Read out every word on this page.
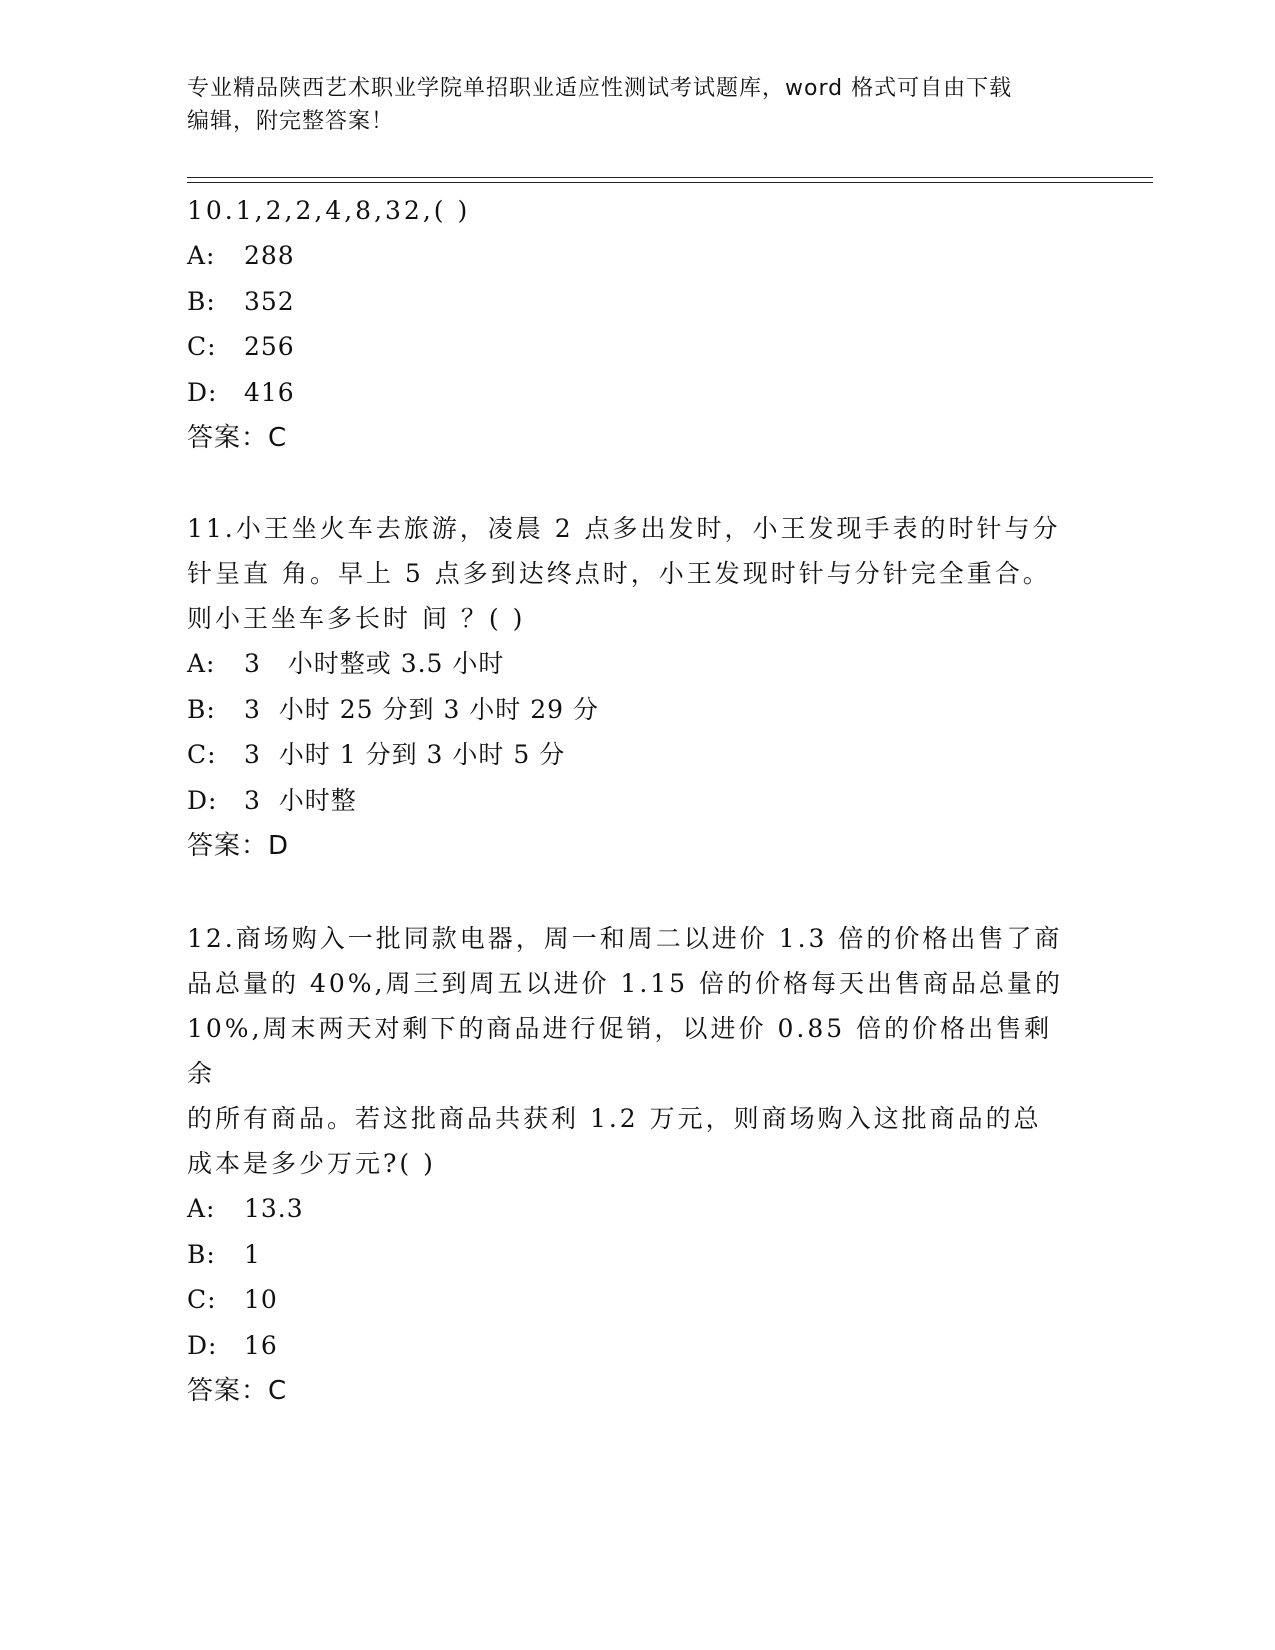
专业精品陕西艺术职业学院单招职业适应性测试考试题库，word 格式可自由下载
编辑，附完整答案！
10.1,2,2,4,8,32,( )
A:	288
B:	352
C:	256
D:	416
答案：C
11.小王坐火车去旅游，凌晨 2 点多出发时，小王发现手表的时针与分
针呈直 角。早上 5 点多到达终点时，小王发现时针与分针完全重合。
则小王坐车多长时 间 ？( )
A:	3   小时整或 3.5 小时
B:	3  小时 25 分到 3 小时 29 分
C:	3  小时 1 分到 3 小时 5 分
D:	3  小时整
答案：D
12.商场购入一批同款电器，周一和周二以进价 1.3 倍的价格出售了商
品总量的 40%,周三到周五以进价 1.15 倍的价格每天出售商品总量的
10%,周末两天对剩下的商品进行促销，以进价 0.85 倍的价格出售剩余
的所有商品。若这批商品共获利 1.2 万元，则商场购入这批商品的总
成本是多少万元?( )
A:	13.3
B:	1
C:	10
D:	16
答案：C
